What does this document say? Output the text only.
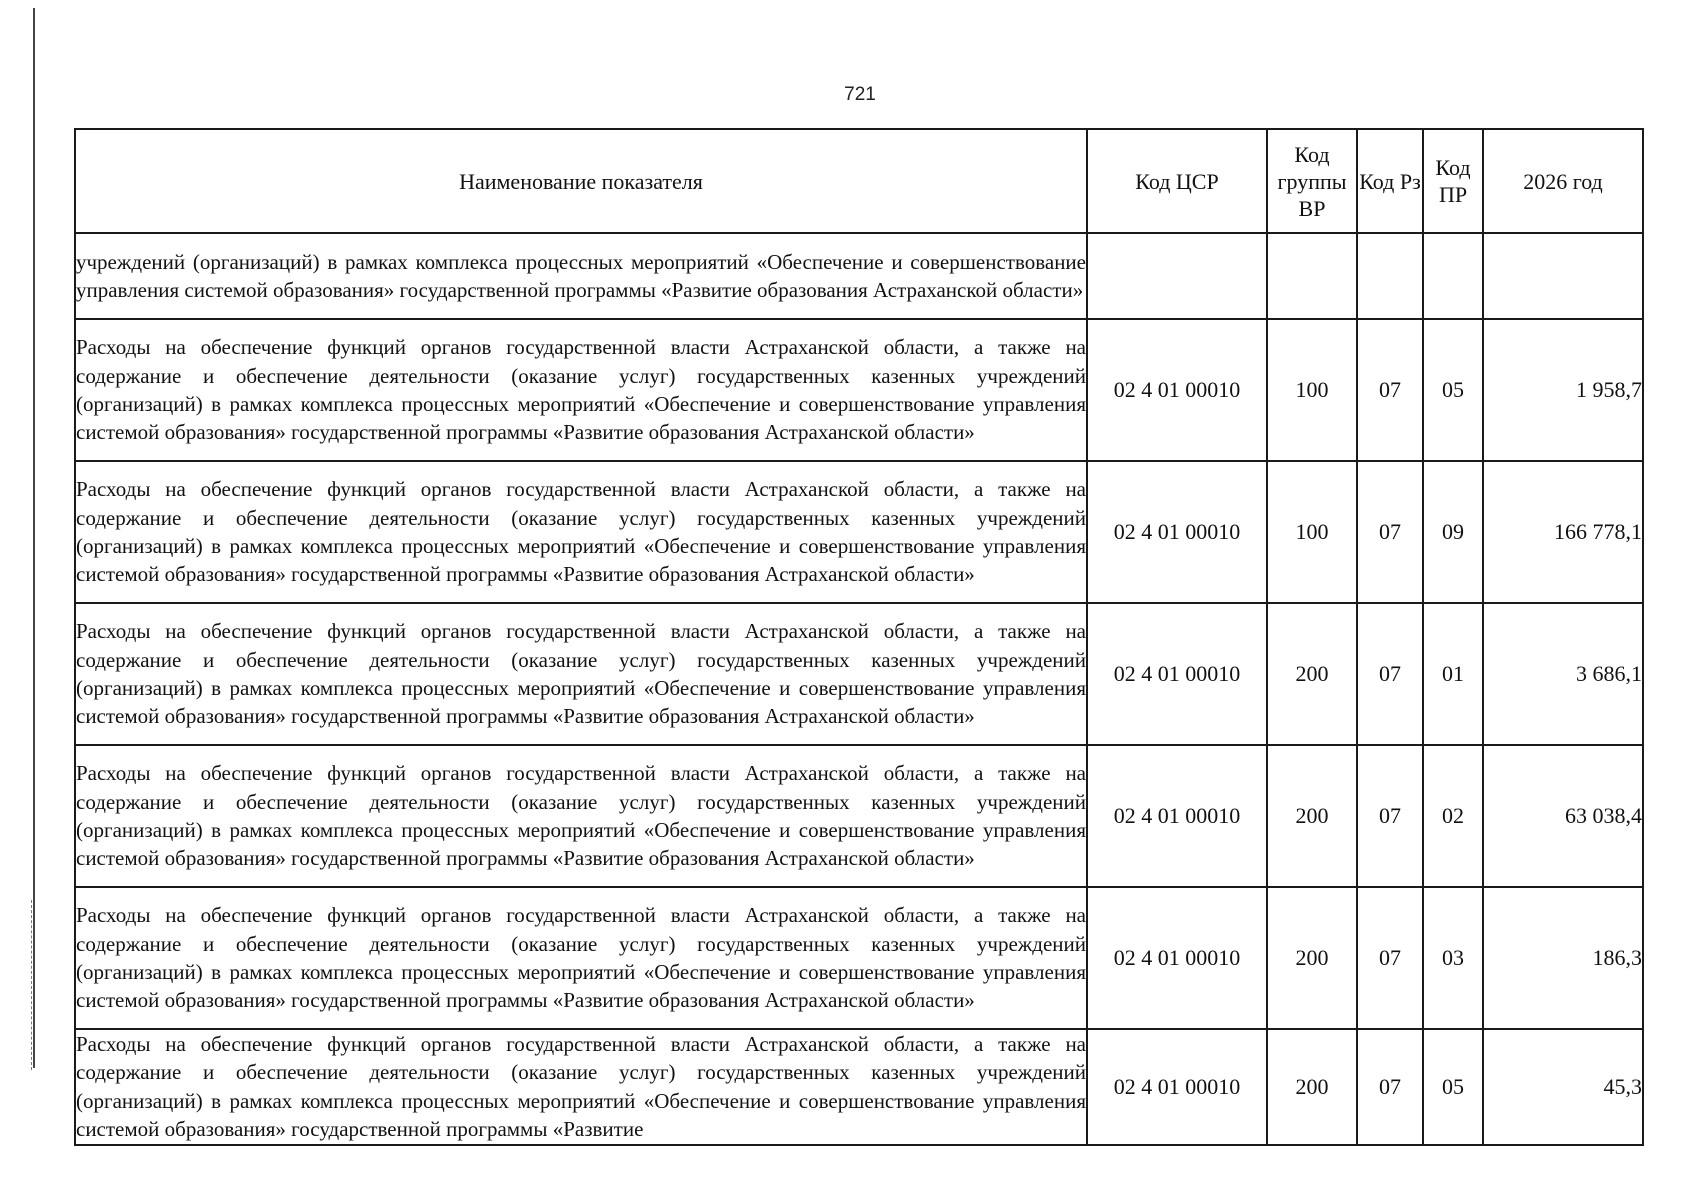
721
Наименование показателя	Код ЦСР	Код группы ВР	Код Рз	Код ПР	2026 год
учреждений (организаций) в рамках комплекса процессных мероприятий «Обеспечение и совершенствование управления системой образования» государственной программы «Развитие образования Астраханской области»					
Расходы на обеспечение функций органов государственной власти Астраханской области, а также на содержание и обеспечение деятельности (оказание услуг) государственных казенных учреждений (организаций) в рамках комплекса процессных мероприятий «Обеспечение и совершенствование управления системой образования» государственной программы «Развитие образования Астраханской области»	02 4 01 00010	100	07	05	1 958,7
Расходы на обеспечение функций органов государственной власти Астраханской области, а также на содержание и обеспечение деятельности (оказание услуг) государственных казенных учреждений (организаций) в рамках комплекса процессных мероприятий «Обеспечение и совершенствование управления системой образования» государственной программы «Развитие образования Астраханской области»	02 4 01 00010	100	07	09	166 778,1
Расходы на обеспечение функций органов государственной власти Астраханской области, а также на содержание и обеспечение деятельности (оказание услуг) государственных казенных учреждений (организаций) в рамках комплекса процессных мероприятий «Обеспечение и совершенствование управления системой образования» государственной программы «Развитие образования Астраханской области»	02 4 01 00010	200	07	01	3 686,1
Расходы на обеспечение функций органов государственной власти Астраханской области, а также на содержание и обеспечение деятельности (оказание услуг) государственных казенных учреждений (организаций) в рамках комплекса процессных мероприятий «Обеспечение и совершенствование управления системой образования» государственной программы «Развитие образования Астраханской области»	02 4 01 00010	200	07	02	63 038,4
Расходы на обеспечение функций органов государственной власти Астраханской области, а также на содержание и обеспечение деятельности (оказание услуг) государственных казенных учреждений (организаций) в рамках комплекса процессных мероприятий «Обеспечение и совершенствование управления системой образования» государственной программы «Развитие образования Астраханской области»	02 4 01 00010	200	07	03	186,3
Расходы на обеспечение функций органов государственной власти Астраханской области, а также на содержание и обеспечение деятельности (оказание услуг) государственных казенных учреждений (организаций) в рамках комплекса процессных мероприятий «Обеспечение и совершенствование управления системой образования» государственной программы «Развитие	02 4 01 00010	200	07	05	45,3
